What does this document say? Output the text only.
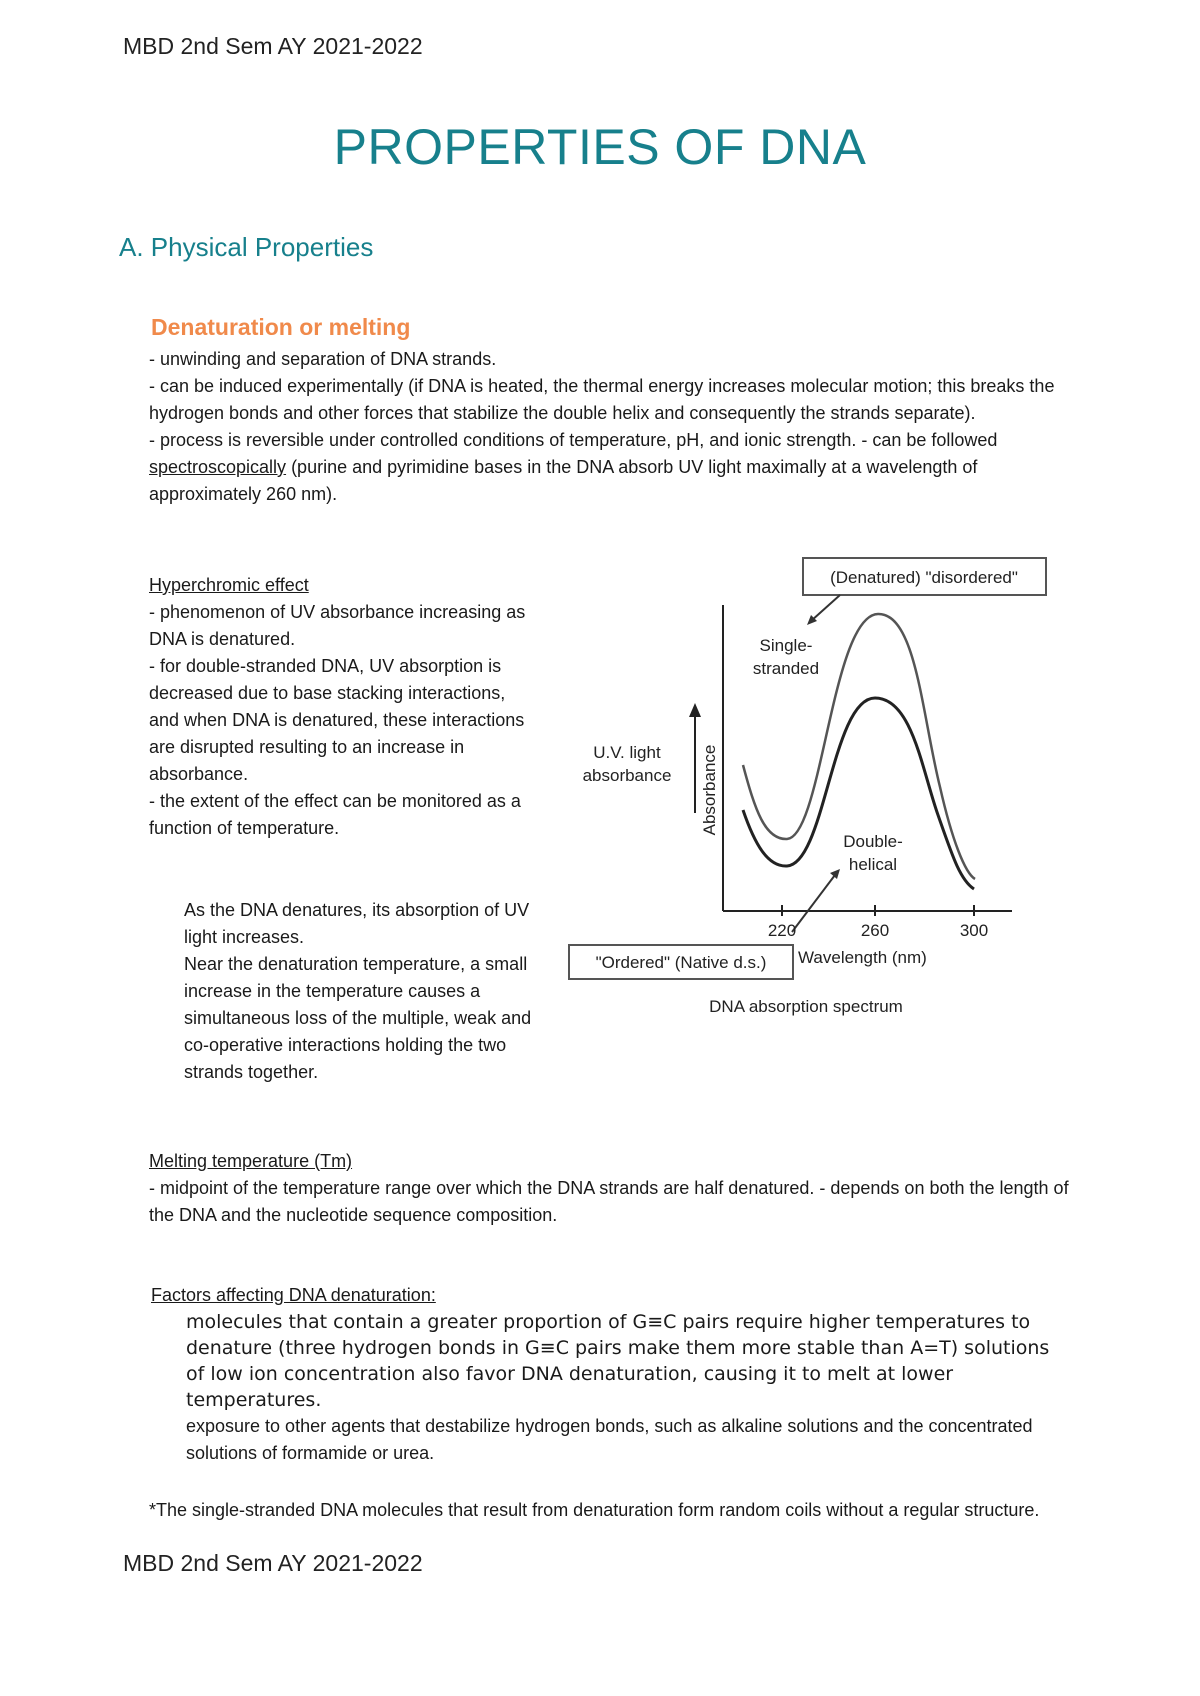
MBD 2nd Sem AY 2021-2022
PROPERTIES OF DNA
A. Physical Properties
Denaturation or melting

- unwinding and separation of DNA strands.

- can be induced experimentally (if DNA is heated, the thermal energy increases molecular motion; this breaks the hydrogen bonds and other forces that stabilize the double helix and consequently the strands separate).

- process is reversible under controlled conditions of temperature, pH, and ionic strength. - can be followed spectroscopically (purine and pyrimidine bases in the DNA absorb UV light maximally at a wavelength of approximately 260 nm).

Hyperchromic effect

- phenomenon of UV absorbance increasing as DNA is denatured.

- for double-stranded DNA, UV absorption is decreased due to base stacking interactions, and when DNA is denatured, these interactions are disrupted resulting to an increase in absorbance.

- the extent of the effect can be monitored as a function of temperature.

As the DNA denatures, its absorption of UV light increases.

Near the denaturation temperature, a small increase in the temperature causes a simultaneous loss of the multiple, weak and co-operative interactions holding the two strands together.

(Denatured) "disordered"
Single-
stranded
U.V. light
absorbance Absorbance
Double-
helical
220	260	300
"Ordered" (Native d.s.) Wavelength (nm)
DNA absorption spectrum

Melting temperature (Tm)

- midpoint of the temperature range over which the DNA strands are half denatured. - depends on both the length of the DNA and the nucleotide sequence composition.

Factors affecting DNA denaturation:

molecules that contain a greater proportion of G≡C pairs require higher temperatures to denature (three hydrogen bonds in G≡C pairs make them more stable than A=T) solutions of low ion concentration also favor DNA denaturation, causing it to melt at lower temperatures.

exposure to other agents that destabilize hydrogen bonds, such as alkaline solutions and the concentrated solutions of formamide or urea.

*The single-stranded DNA molecules that result from denaturation form random coils without a regular structure.

MBD 2nd Sem AY 2021-2022
